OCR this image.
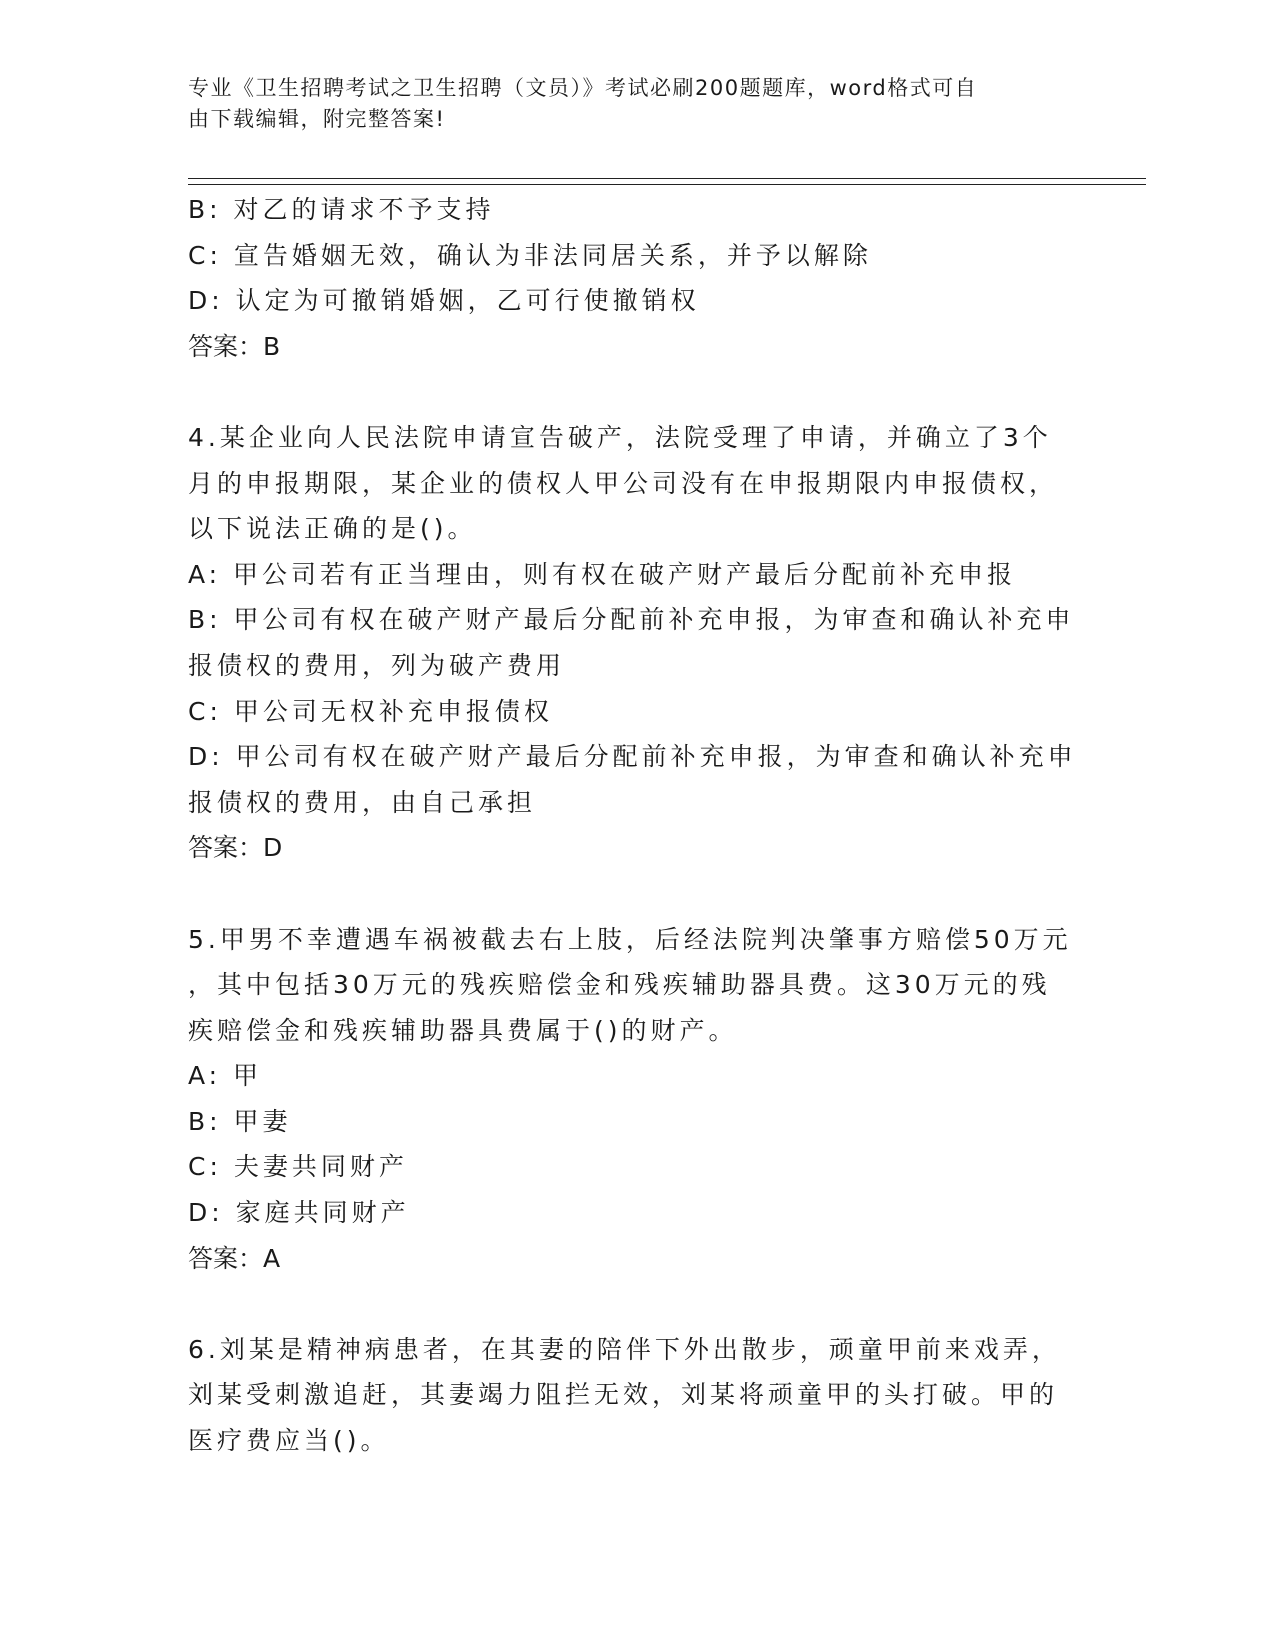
专业《卫生招聘考试之卫生招聘（文员）》考试必刷200题题库，word格式可自
由下载编辑，附完整答案!
B: 对乙的请求不予支持
C: 宣告婚姻无效，确认为非法同居关系，并予以解除
D: 认定为可撤销婚姻，乙可行使撤销权
答案：B
4.某企业向人民法院申请宣告破产，法院受理了申请，并确立了3个
月的申报期限，某企业的债权人甲公司没有在申报期限内申报债权，
以下说法正确的是()。
A: 甲公司若有正当理由，则有权在破产财产最后分配前补充申报
B: 甲公司有权在破产财产最后分配前补充申报，为审查和确认补充申
报债权的费用，列为破产费用
C: 甲公司无权补充申报债权
D: 甲公司有权在破产财产最后分配前补充申报，为审查和确认补充申
报债权的费用，由自己承担
答案：D
5.甲男不幸遭遇车祸被截去右上肢，后经法院判决肇事方赔偿50万元
，其中包括30万元的残疾赔偿金和残疾辅助器具费。这30万元的残
疾赔偿金和残疾辅助器具费属于()的财产。
A: 甲
B: 甲妻
C: 夫妻共同财产
D: 家庭共同财产
答案：A
6.刘某是精神病患者，在其妻的陪伴下外出散步，顽童甲前来戏弄，
刘某受刺激追赶，其妻竭力阻拦无效，刘某将顽童甲的头打破。甲的
医疗费应当()。
